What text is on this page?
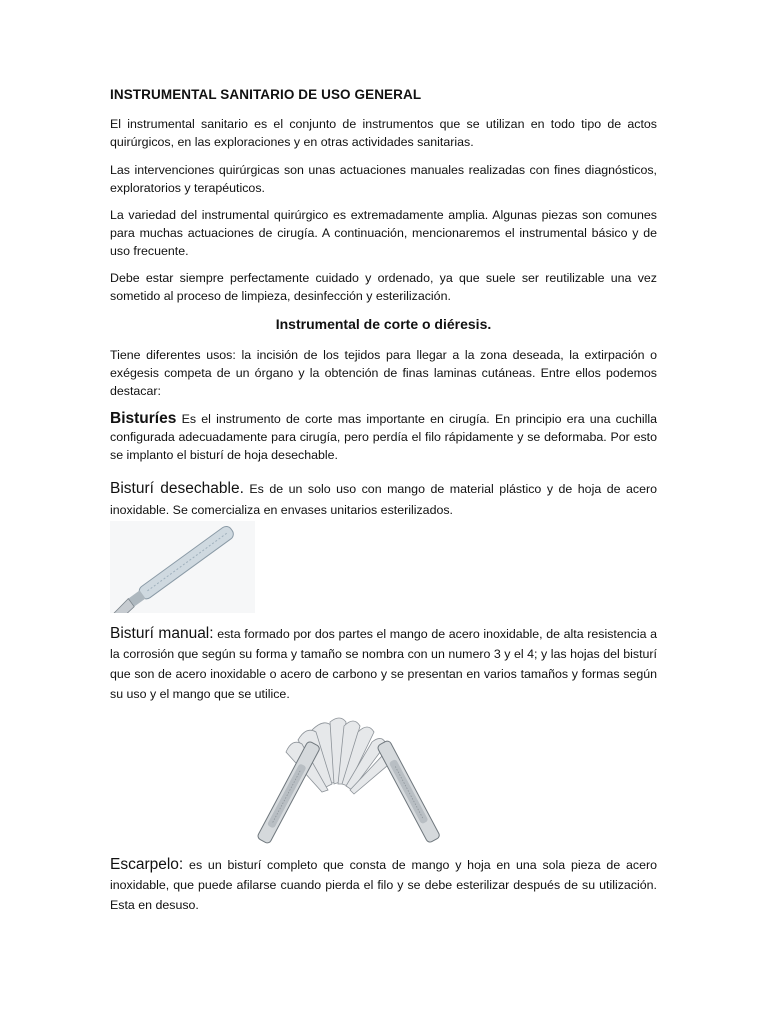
INSTRUMENTAL SANITARIO DE USO GENERAL

El instrumental sanitario es el conjunto de instrumentos que se utilizan en todo tipo de actos quirúrgicos, en las exploraciones y en otras actividades sanitarias.

Las intervenciones quirúrgicas son unas actuaciones manuales realizadas con fines diagnósticos, exploratorios y terapéuticos.

La variedad del instrumental quirúrgico es extremadamente amplia. Algunas piezas son comunes para muchas actuaciones de cirugía. A continuación, mencionaremos el instrumental básico y de uso frecuente.

Debe estar siempre perfectamente cuidado y ordenado, ya que suele ser reutilizable una vez sometido al proceso de limpieza, desinfección y esterilización.

Instrumental de corte o diéresis.

Tiene diferentes usos: la incisión de los tejidos para llegar a la zona deseada, la extirpación o exégesis competa de un órgano y la obtención de finas laminas cutáneas. Entre ellos podemos destacar:

Bisturíes Es el instrumento de corte mas importante en cirugía. En principio era una cuchilla configurada adecuadamente para cirugía, pero perdía el filo rápidamente y se deformaba. Por esto se implanto el bisturí de hoja desechable.

Bisturí desechable. Es de un solo uso con mango de material plástico y de hoja de acero inoxidable. Se comercializa en envases unitarios esterilizados.

Bisturí manual: esta formado por dos partes el mango de acero inoxidable, de alta resistencia a la corrosión que según su forma y tamaño se nombra con un numero 3 y el 4; y las hojas del bisturí que son de acero inoxidable o acero de carbono y se presentan en varios tamaños y formas según su uso y el mango que se utilice.

Escarpelo: es un bisturí completo que consta de mango y hoja en una sola pieza de acero inoxidable, que puede afilarse cuando pierda el filo y se debe esterilizar después de su utilización. Esta en desuso.
